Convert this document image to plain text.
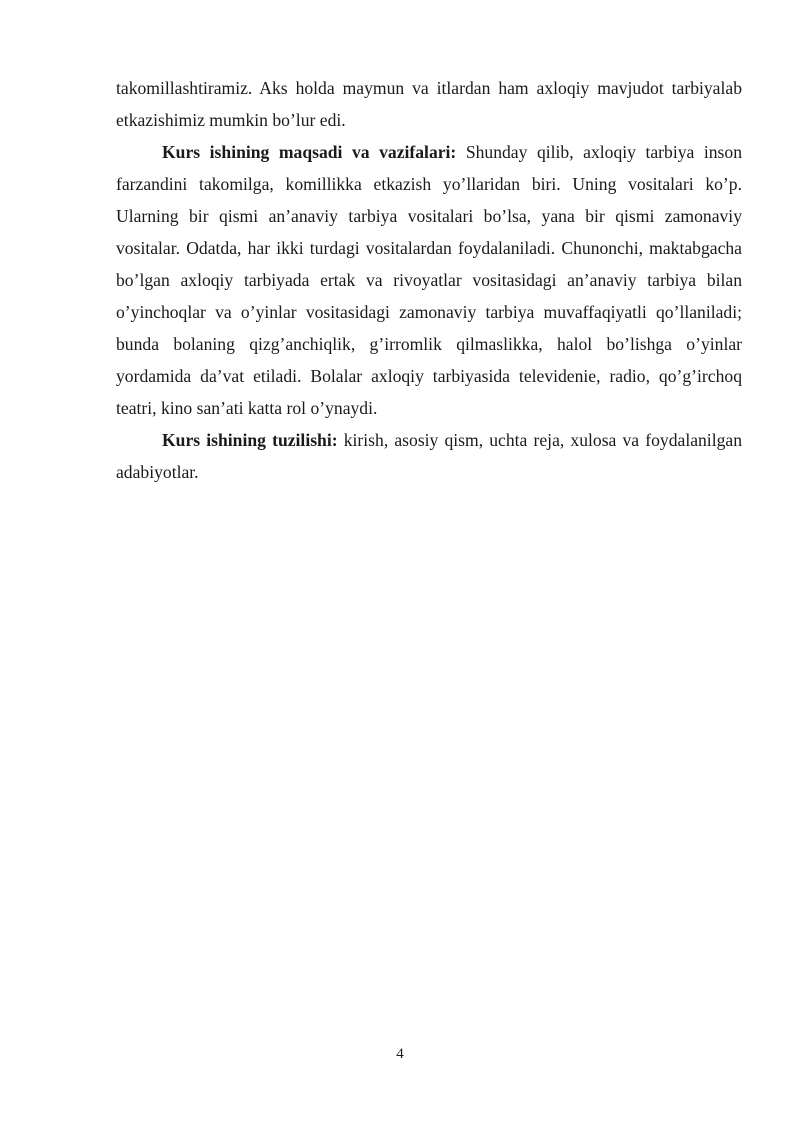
takomillashtiramiz. Aks holda maymun va itlardan ham axloqiy mavjudot tarbiyalab etkazishimiz mumkin bo’lur edi.

Kurs ishining maqsadi va vazifalari: Shunday qilib, axloqiy tarbiya inson farzandini takomilga, komillikka etkazish yo’llaridan biri. Uning vositalari ko’p. Ularning bir qismi an’anaviy tarbiya vositalari bo’lsa, yana bir qismi zamonaviy vositalar. Odatda, har ikki turdagi vositalardan foydalaniladi. Chunonchi, maktabgacha bo’lgan axloqiy tarbiyada ertak va rivoyatlar vositasidagi an’anaviy tarbiya bilan o’yinchoqlar va o’yinlar vositasidagi zamonaviy tarbiya muvaffaqiyatli qo’llaniladi; bunda bolaning qizg’anchiqlik, g’irromlik qilmaslikka, halol bo’lishga o’yinlar yordamida da’vat etiladi. Bolalar axloqiy tarbiyasida televidenie, radio, qo’g’irchoq teatri, kino san’ati katta rol o’ynaydi.

Kurs ishining tuzilishi: kirish, asosiy qism, uchta reja, xulosa va foydalanilgan adabiyotlar.

4
